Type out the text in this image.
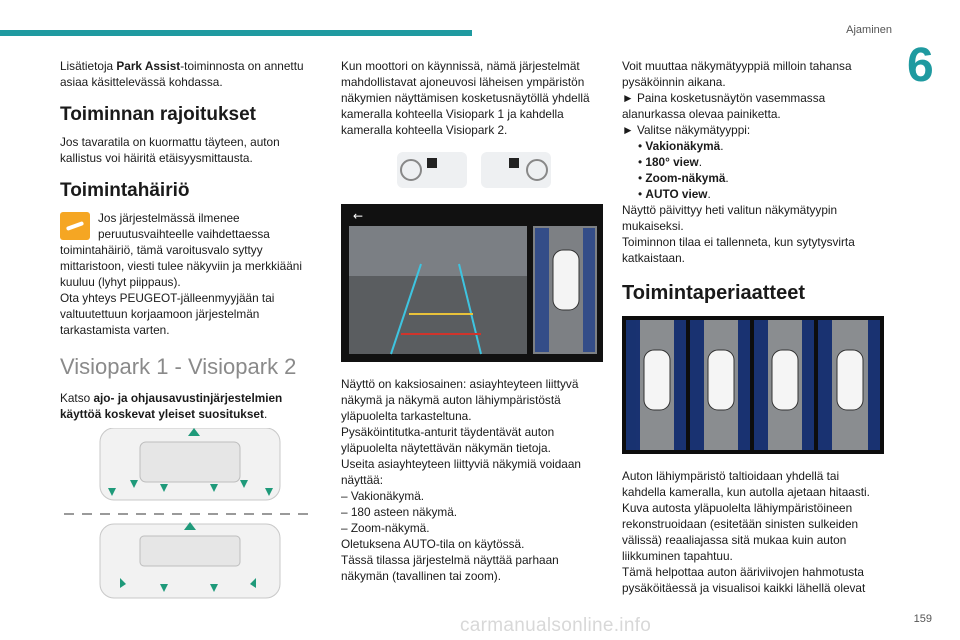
Ajaminen
6

Lisätietoja Park Assist-toiminnosta on annettu asiaa käsittelevässä kohdassa.

Toiminnan rajoitukset

Jos tavaratila on kuormattu täyteen, auton kallistus voi häiritä etäisyysmittausta.

Toimintahäiriö

Jos järjestelmässä ilmenee peruutusvaihteelle vaihdettaessa toimintahäiriö, tämä varoitusvalo syttyy mittaristoon, viesti tulee näkyviin ja merkkiääni kuuluu (lyhyt piippaus).

Ota yhteys PEUGEOT-jälleenmyyjään tai valtuutettuun korjaamoon järjestelmän tarkastamista varten.

Visiopark 1 - Visiopark 2

Katso ajo- ja ohjausavustinjärjestelmien käyttöä koskevat yleiset suositukset.

Kun moottori on käynnissä, nämä järjestelmät mahdollistavat ajoneuvosi läheisen ympäristön näkymien näyttämisen kosketusnäytöllä yhdellä kameralla kohteella Visiopark 1 ja kahdella kameralla kohteella Visiopark 2.

←

Näyttö on kaksiosainen: asiayhteyteen liittyvä näkymä ja näkymä auton lähiympäristöstä yläpuolelta tarkasteltuna.

Pysäköintitutka-anturit täydentävät auton yläpuolelta näytettävän näkymän tietoja.

Useita asiayhteyteen liittyviä näkymiä voidaan näyttää:

– Vakionäkymä.

– 180 asteen näkymä.

– Zoom-näkymä.

Oletuksena AUTO-tila on käytössä.

Tässä tilassa järjestelmä näyttää parhaan näkymän (tavallinen tai zoom).

Voit muuttaa näkymätyyppiä milloin tahansa pysäköinnin aikana.

► Paina kosketusnäytön vasemmassa alanurkassa olevaa painiketta.

► Valitse näkymätyyppi:

• Vakionäkymä.
• 180° view.
• Zoom-näkymä.
• AUTO view.

Näyttö päivittyy heti valitun näkymätyypin mukaiseksi.

Toiminnon tilaa ei tallenneta, kun sytytysvirta katkaistaan.

Toimintaperiaatteet

Auton lähiympäristö taltioidaan yhdellä tai kahdella kameralla, kun autolla ajetaan hitaasti.

Kuva autosta yläpuolelta lähiympäristöineen rekonstruoidaan (esitetään sinisten sulkeiden välissä) reaaliajassa sitä mukaa kuin auton liikkuminen tapahtuu.

Tämä helpottaa auton ääriviivojen hahmotusta pysäköitäessä ja visualisoi kaikki lähellä olevat

carmanualsonline.info	159
